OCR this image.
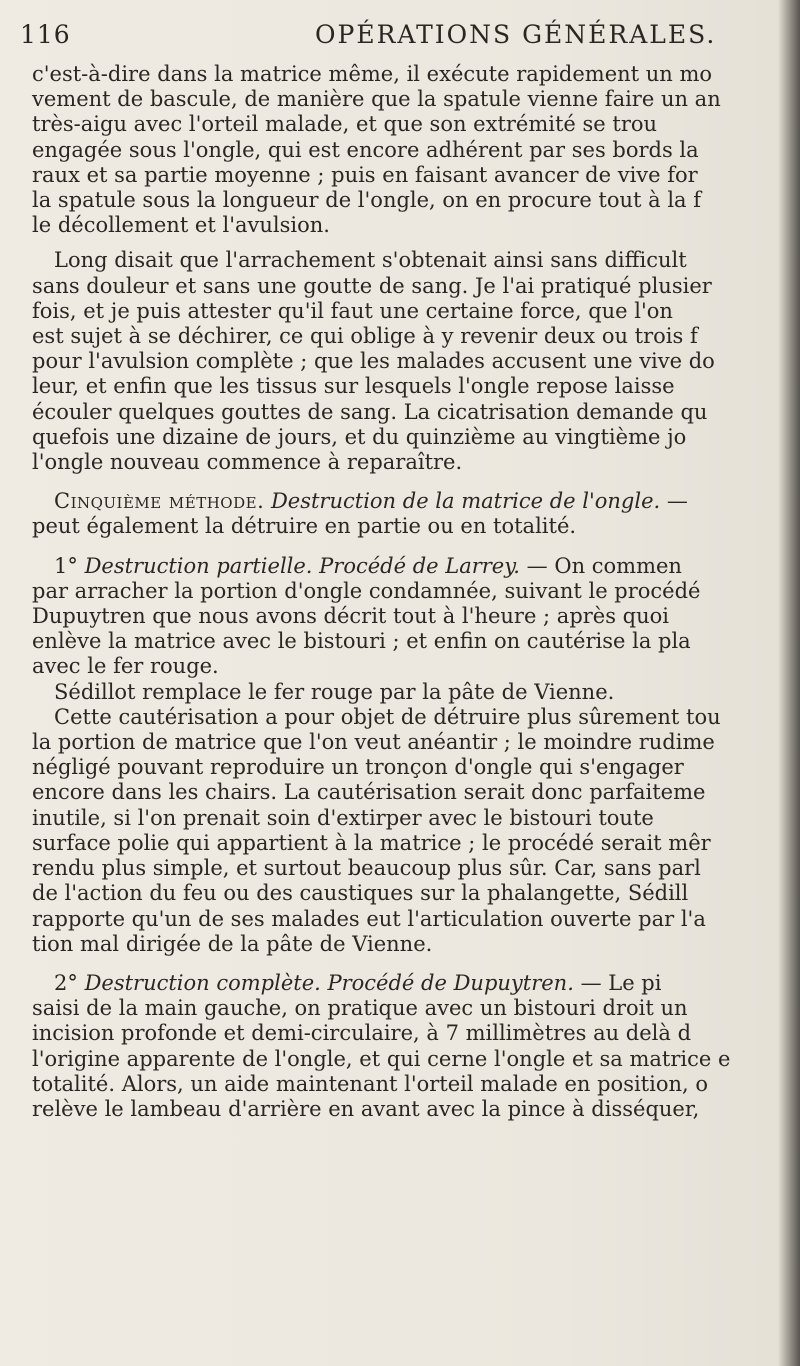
116	OPÉRATIONS GÉNÉRALES.
c'est-à-dire dans la matrice même, il exécute rapidement un mo
vement de bascule, de manière que la spatule vienne faire un an
très-aigu avec l'orteil malade, et que son extrémité se trou
engagée sous l'ongle, qui est encore adhérent par ses bords la
raux et sa partie moyenne ; puis en faisant avancer de vive for
la spatule sous la longueur de l'ongle, on en procure tout à la f
le décollement et l'avulsion.
Long disait que l'arrachement s'obtenait ainsi sans difficult
sans douleur et sans une goutte de sang. Je l'ai pratiqué plusier
fois, et je puis attester qu'il faut une certaine force, que l'on
est sujet à se déchirer, ce qui oblige à y revenir deux ou trois f
pour l'avulsion complète ; que les malades accusent une vive do
leur, et enfin que les tissus sur lesquels l'ongle repose laisse
écouler quelques gouttes de sang. La cicatrisation demande qu
quefois une dizaine de jours, et du quinzième au vingtième jo
l'ongle nouveau commence à reparaître.
Cinquième méthode. Destruction de la matrice de l'ongle. —
peut également la détruire en partie ou en totalité.
1° Destruction partielle. Procédé de Larrey. — On commen
par arracher la portion d'ongle condamnée, suivant le procédé
Dupuytren que nous avons décrit tout à l'heure ; après quoi
enlève la matrice avec le bistouri ; et enfin on cautérise la pla
avec le fer rouge.
Sédillot remplace le fer rouge par la pâte de Vienne.
Cette cautérisation a pour objet de détruire plus sûrement tou
la portion de matrice que l'on veut anéantir ; le moindre rudime
négligé pouvant reproduire un tronçon d'ongle qui s'engager
encore dans les chairs. La cautérisation serait donc parfaiteme
inutile, si l'on prenait soin d'extirper avec le bistouri toute
surface polie qui appartient à la matrice ; le procédé serait mêr
rendu plus simple, et surtout beaucoup plus sûr. Car, sans parl
de l'action du feu ou des caustiques sur la phalangette, Sédill
rapporte qu'un de ses malades eut l'articulation ouverte par l'a
tion mal dirigée de la pâte de Vienne.
2° Destruction complète. Procédé de Dupuytren. — Le pi
saisi de la main gauche, on pratique avec un bistouri droit un
incision profonde et demi-circulaire, à 7 millimètres au delà d
l'origine apparente de l'ongle, et qui cerne l'ongle et sa matrice e
totalité. Alors, un aide maintenant l'orteil malade en position, o
relève le lambeau d'arrière en avant avec la pince à disséquer,
